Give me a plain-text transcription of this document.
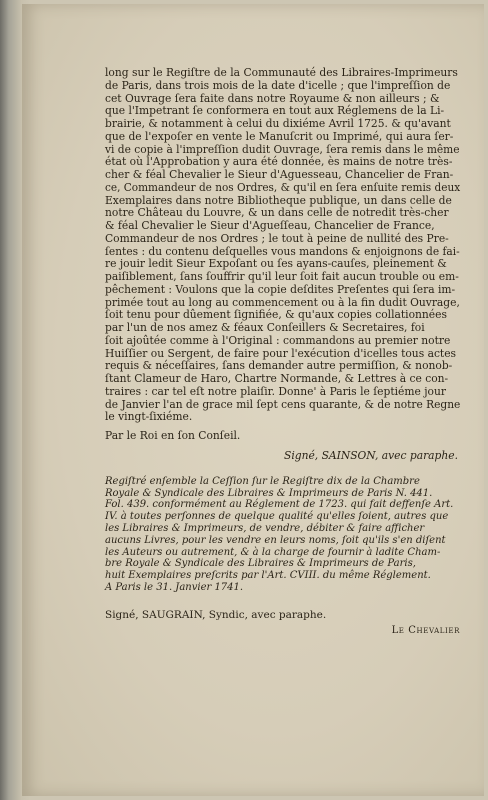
long sur le Regiſtre de la Communauté des Libraires-Imprimeurs
de Paris, dans trois mois de la date d'icelle ; que l'impreſſion de
cet Ouvrage ſera faite dans notre Royaume & non ailleurs ; &
que l'Impetrant ſe conformera en tout aux Réglemens de la Li-
brairie, & notamment à celui du dixiéme Avril 1725. & qu'avant
que de l'expoſer en vente le Manuſcrit ou Imprimé, qui aura ſer-
vi de copie à l'impreſſion dudit Ouvrage, ſera remis dans le même
état où l'Approbation y aura été donnée, ès mains de notre très-
cher & féal Chevalier le Sieur d'Aguesseau, Chancelier de Fran-
ce, Commandeur de nos Ordres, & qu'il en ſera enſuite remis deux
Exemplaires dans notre Bibliotheque publique, un dans celle de
notre Château du Louvre, & un dans celle de notredit très-cher
& féal Chevalier le Sieur d'Agueſſeau, Chancelier de France,
Commandeur de nos Ordres ; le tout à peine de nullité des Pre-
ſentes : du contenu deſquelles vous mandons & enjoignons de fai-
re jouir ledit Sieur Expoſant ou ſes ayans-cauſes, pleinement &
paiſiblement, ſans ſouffrir qu'il leur ſoit fait aucun trouble ou em-
pêchement : Voulons que la copie deſdites Preſentes qui ſera im-
primée tout au long au commencement ou à la fin dudit Ouvrage,
ſoit tenu pour dûement ſignifiée, & qu'aux copies collationnées
par l'un de nos amez & féaux Conſeillers & Secretaires, foi
ſoit ajoûtée comme à l'Original : commandons au premier notre
Huiſſier ou Sergent, de faire pour l'exécution d'icelles tous actes
requis & néceſſaires, ſans demander autre permiſſion, & nonob-
ſtant Clameur de Haro, Chartre Normande, & Lettres à ce con-
traires : car tel eſt notre plaiſir. Donne' à Paris le ſeptiéme jour
de Janvier l'an de grace mil ſept cens quarante, & de notre Regne
le vingt-ſixiéme.
Par le Roi en ſon Conſeil.
Signé, SAINSON, avec paraphe.
Regiſtré enſemble la Ceſſion ſur le Regiſtre dix de la Chambre
Royale & Syndicale des Libraires & Imprimeurs de Paris N. 441.
Fol. 439. conformément au Réglement de 1723. qui fait deffenſe Art.
IV. à toutes perſonnes de quelque qualité qu'elles ſoient, autres que
les Libraires & Imprimeurs, de vendre, débiter & faire afficher
aucuns Livres, pour les vendre en leurs noms, ſoit qu'ils s'en diſent
les Auteurs ou autrement, & à la charge de fournir à ladite Cham-
bre Royale & Syndicale des Libraires & Imprimeurs de Paris,
huit Exemplaires preſcrits par l'Art. CVIII. du même Réglement.
A Paris le 31. Janvier 1741.
Signé, SAUGRAIN, Syndic, avec paraphe.
Le Chevalier
